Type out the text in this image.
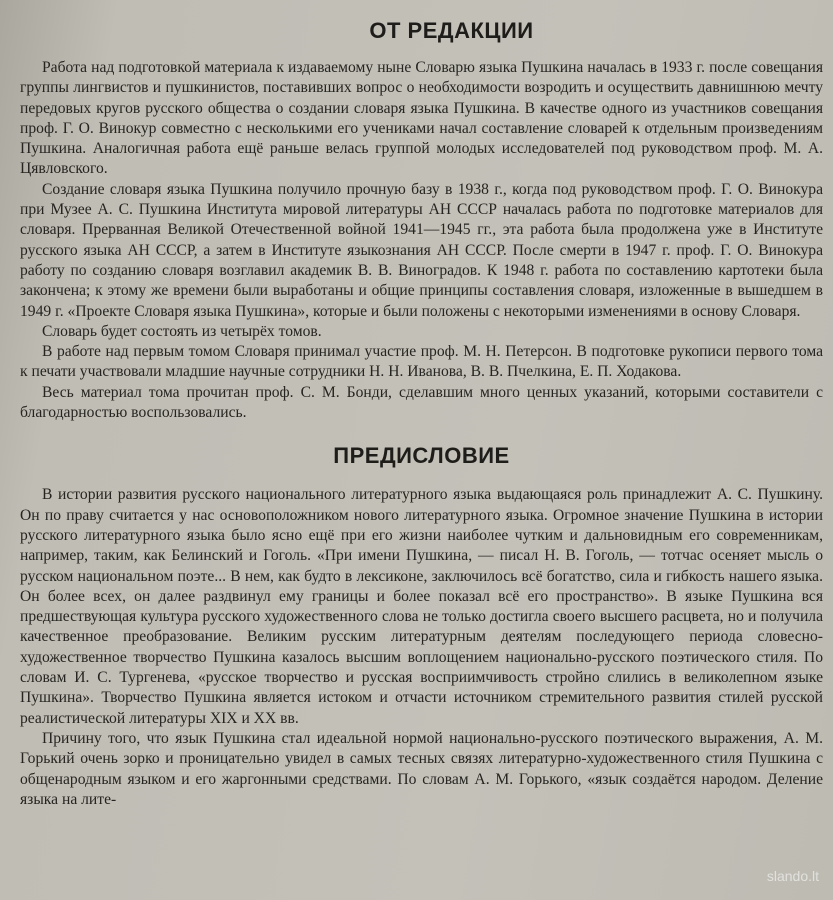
ОТ РЕДАКЦИИ

Работа над подготовкой материала к издаваемому ныне Словарю языка Пушкина началась в 1933 г. после совещания группы лингвистов и пушкинистов, поставивших вопрос о необходимости возродить и осуществить давнишнюю мечту передовых кругов русского общества о создании словаря языка Пушкина. В качестве одного из участников совещания проф. Г. О. Винокур совместно с несколькими его учениками начал составление словарей к отдельным произведениям Пушкина. Аналогичная работа ещё раньше велась группой молодых исследователей под руководством проф. М. А. Цявловского.

Создание словаря языка Пушкина получило прочную базу в 1938 г., когда под руководством проф. Г. О. Винокура при Музее А. С. Пушкина Института мировой литературы АН СССР началась работа по подготовке материалов для словаря. Прерванная Великой Отечественной войной 1941—1945 гг., эта работа была продолжена уже в Институте русского языка АН СССР, а затем в Институте языкознания АН СССР. После смерти в 1947 г. проф. Г. О. Винокура работу по созданию словаря возглавил академик В. В. Виноградов. К 1948 г. работа по составлению картотеки была закончена; к этому же времени были выработаны и общие принципы составления словаря, изложенные в вышедшем в 1949 г. «Проекте Словаря языка Пушкина», которые и были положены с некоторыми изменениями в основу Словаря.

Словарь будет состоять из четырёх томов.

В работе над первым томом Словаря принимал участие проф. М. Н. Петерсон. В подготовке рукописи первого тома к печати участвовали младшие научные сотрудники Н. Н. Иванова, В. В. Пчелкина, Е. П. Ходакова.

Весь материал тома прочитан проф. С. М. Бонди, сделавшим много ценных указаний, которыми составители с благодарностью воспользовались.

ПРЕДИСЛОВИЕ

В истории развития русского национального литературного языка выдающаяся роль принадлежит А. С. Пушкину. Он по праву считается у нас основоположником нового литературного языка. Огромное значение Пушкина в истории русского литературного языка было ясно ещё при его жизни наиболее чутким и дальновидным его современникам, например, таким, как Белинский и Гоголь. «При имени Пушкина, — писал Н. В. Гоголь, — тотчас осеняет мысль о русском национальном поэте... В нем, как будто в лексиконе, заключилось всё богатство, сила и гибкость нашего языка. Он более всех, он далее раздвинул ему границы и более показал всё его пространство». В языке Пушкина вся предшествующая культура русского художественного слова не только достигла своего высшего расцвета, но и получила качественное преобразование. Великим русским литературным деятелям последующего периода словесно-художественное творчество Пушкина казалось высшим воплощением национально-русского поэтического стиля. По словам И. С. Тургенева, «русское творчество и русская восприимчивость стройно слились в великолепном языке Пушкина». Творчество Пушкина является истоком и отчасти источником стремительного развития стилей русской реалистической литературы XIX и XX вв.

Причину того, что язык Пушкина стал идеальной нормой национально-русского поэтического выражения, А. М. Горький очень зорко и проницательно увидел в самых тесных связях литературно-художественного стиля Пушкина с общенародным языком и его жаргонными средствами. По словам А. М. Горького, «язык создаётся народом. Деление языка на лите-

slando.lt
